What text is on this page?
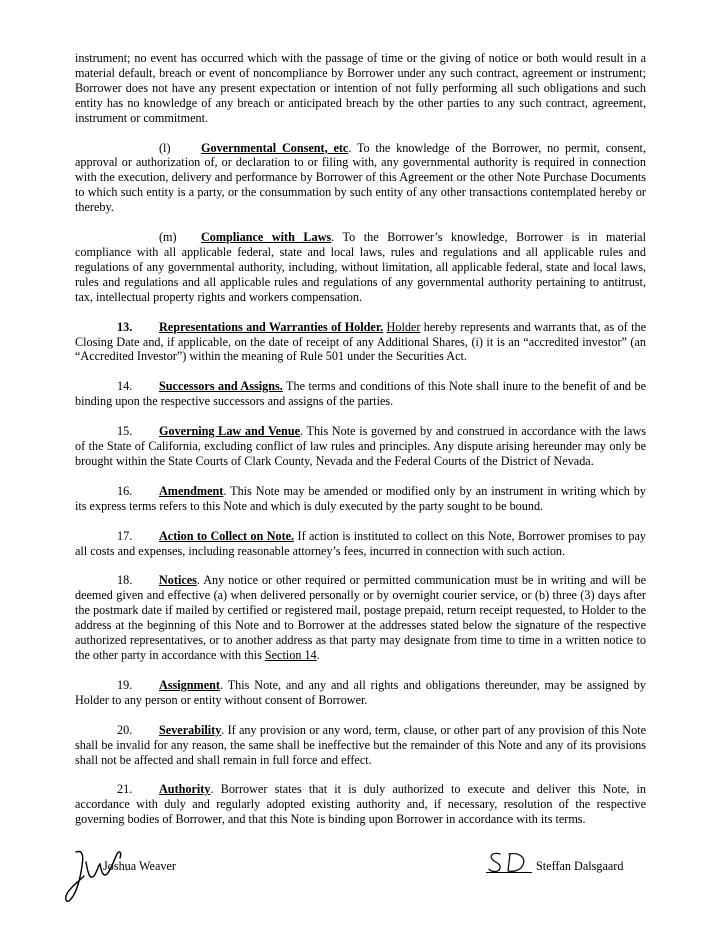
instrument; no event has occurred which with the passage of time or the giving of notice or both would result in a material default, breach or event of noncompliance by Borrower under any such contract, agreement or instrument; Borrower does not have any present expectation or intention of not fully performing all such obligations and such entity has no knowledge of any breach or anticipated breach by the other parties to any such contract, agreement, instrument or commitment.

(l) Governmental Consent, etc. To the knowledge of the Borrower, no permit, consent, approval or authorization of, or declaration to or filing with, any governmental authority is required in connection with the execution, delivery and performance by Borrower of this Agreement or the other Note Purchase Documents to which such entity is a party, or the consummation by such entity of any other transactions contemplated hereby or thereby.

(m) Compliance with Laws. To the Borrower’s knowledge, Borrower is in material compliance with all applicable federal, state and local laws, rules and regulations and all applicable rules and regulations of any governmental authority, including, without limitation, all applicable federal, state and local laws, rules and regulations and all applicable rules and regulations of any governmental authority pertaining to antitrust, tax, intellectual property rights and workers compensation.

13. Representations and Warranties of Holder. Holder hereby represents and warrants that, as of the Closing Date and, if applicable, on the date of receipt of any Additional Shares, (i) it is an “accredited investor” (an “Accredited Investor”) within the meaning of Rule 501 under the Securities Act.

14. Successors and Assigns. The terms and conditions of this Note shall inure to the benefit of and be binding upon the respective successors and assigns of the parties.

15. Governing Law and Venue. This Note is governed by and construed in accordance with the laws of the State of California, excluding conflict of law rules and principles. Any dispute arising hereunder may only be brought within the State Courts of Clark County, Nevada and the Federal Courts of the District of Nevada.

16. Amendment. This Note may be amended or modified only by an instrument in writing which by its express terms refers to this Note and which is duly executed by the party sought to be bound.

17. Action to Collect on Note. If action is instituted to collect on this Note, Borrower promises to pay all costs and expenses, including reasonable attorney’s fees, incurred in connection with such action.

18. Notices. Any notice or other required or permitted communication must be in writing and will be deemed given and effective (a) when delivered personally or by overnight courier service, or (b) three (3) days after the postmark date if mailed by certified or registered mail, postage prepaid, return receipt requested, to Holder to the address at the beginning of this Note and to Borrower at the addresses stated below the signature of the respective authorized representatives, or to another address as that party may designate from time to time in a written notice to the other party in accordance with this Section 14.

19. Assignment. This Note, and any and all rights and obligations thereunder, may be assigned by Holder to any person or entity without consent of Borrower.

20. Severability. If any provision or any word, term, clause, or other part of any provision of this Note shall be invalid for any reason, the same shall be ineffective but the remainder of this Note and any of its provisions shall not be affected and shall remain in full force and effect.

21. Authority. Borrower states that it is duly authorized to execute and deliver this Note, in accordance with duly and regularly adopted existing authority and, if necessary, resolution of the respective governing bodies of Borrower, and that this Note is binding upon Borrower in accordance with its terms.

Joshua Weaver	Steffan Dalsgaard
